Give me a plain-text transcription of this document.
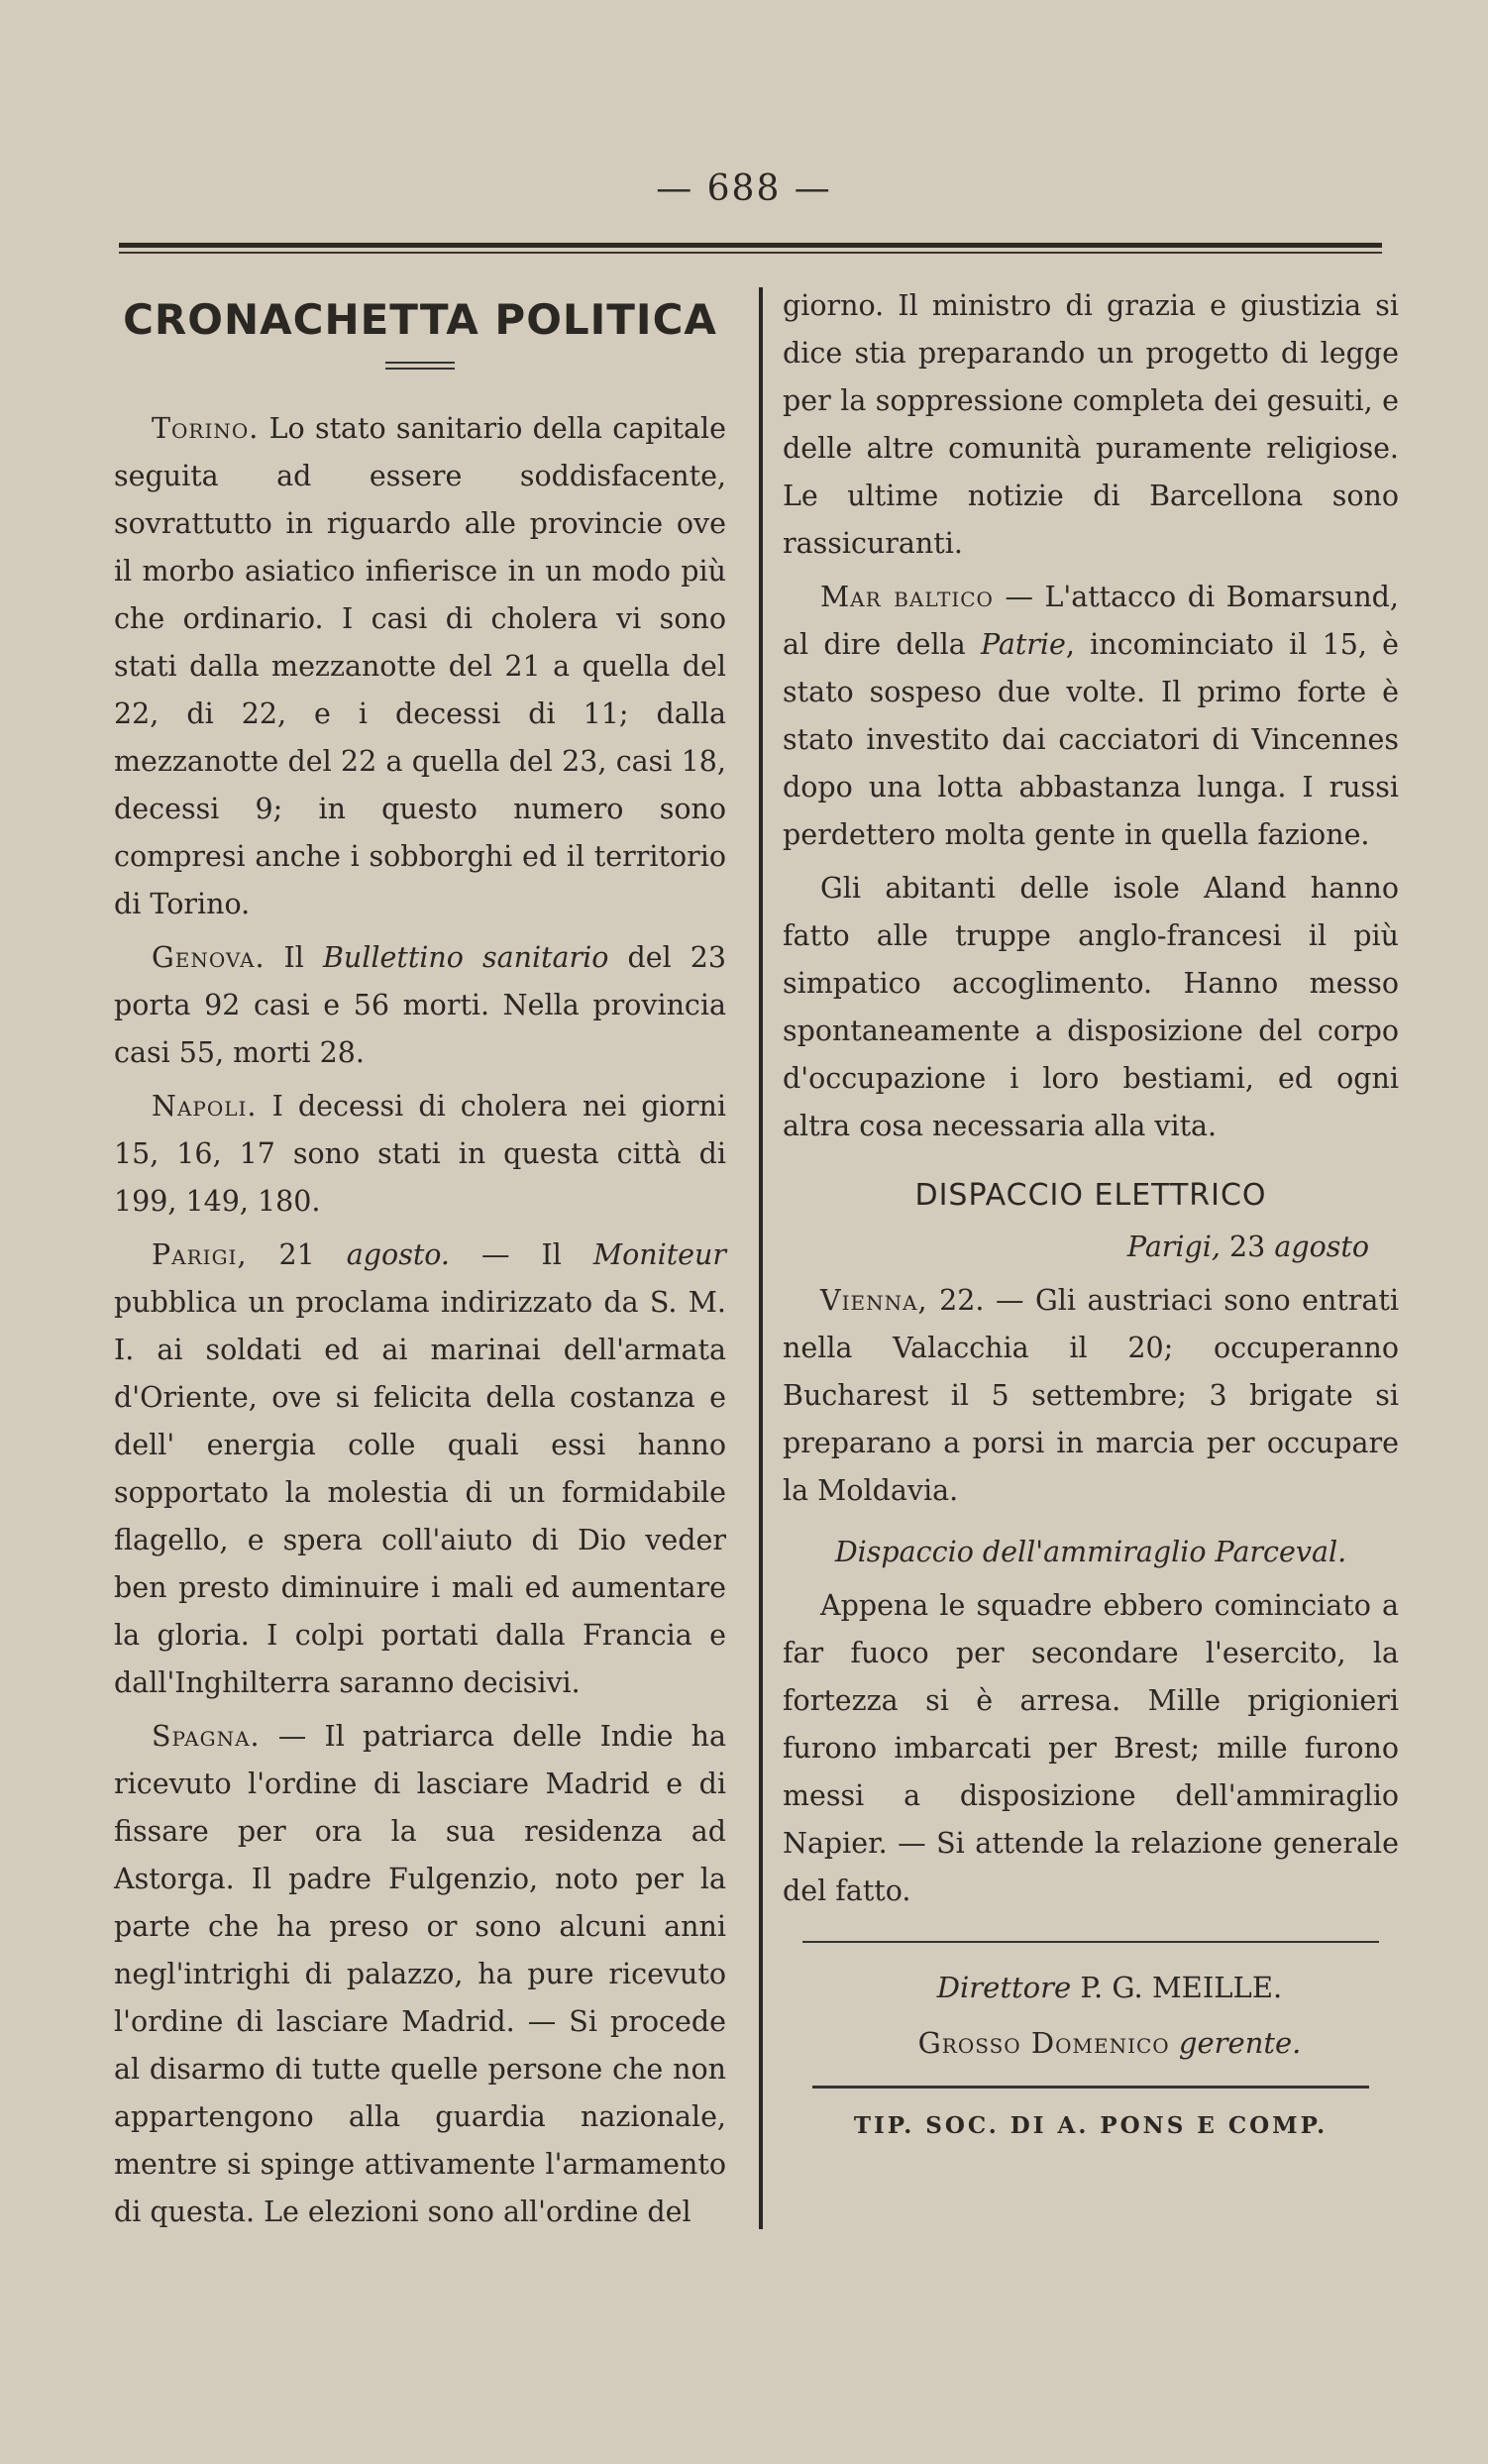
— 688 —
CRONACHETTA POLITICA

Torino. Lo stato sanitario della capitale seguita ad essere soddisfacente, sovrattutto in riguardo alle provincie ove il morbo asiatico infierisce in un modo più che ordinario. I casi di cholera vi sono stati dalla mezzanotte del 21 a quella del 22, di 22, e i decessi di 11; dalla mezzanotte del 22 a quella del 23, casi 18, decessi 9; in questo numero sono compresi anche i sobborghi ed il territorio di Torino.

Genova. Il Bullettino sanitario del 23 porta 92 casi e 56 morti. Nella provincia casi 55, morti 28.

Napoli. I decessi di cholera nei giorni 15, 16, 17 sono stati in questa città di 199, 149, 180.

Parigi, 21 agosto. — Il Moniteur pubblica un proclama indirizzato da S. M. I. ai soldati ed ai marinai dell'armata d'Oriente, ove si felicita della costanza e dell' energia colle quali essi hanno sopportato la molestia di un formidabile flagello, e spera coll'aiuto di Dio veder ben presto diminuire i mali ed aumentare la gloria. I colpi portati dalla Francia e dall'Inghilterra saranno decisivi.

Spagna. — Il patriarca delle Indie ha ricevuto l'ordine di lasciare Madrid e di fissare per ora la sua residenza ad Astorga. Il padre Fulgenzio, noto per la parte che ha preso or sono alcuni anni negl'intrighi di palazzo, ha pure ricevuto l'ordine di lasciare Madrid. — Si procede al disarmo di tutte quelle persone che non appartengono alla guardia nazionale, mentre si spinge attivamente l'armamento di questa. Le elezioni sono all'ordine del

giorno. Il ministro di grazia e giustizia si dice stia preparando un progetto di legge per la soppressione completa dei gesuiti, e delle altre comunità puramente religiose. Le ultime notizie di Barcellona sono rassicuranti.

Mar baltico — L'attacco di Bomarsund, al dire della Patrie, incominciato il 15, è stato sospeso due volte. Il primo forte è stato investito dai cacciatori di Vincennes dopo una lotta abbastanza lunga. I russi perdettero molta gente in quella fazione.

Gli abitanti delle isole Aland hanno fatto alle truppe anglo-francesi il più simpatico accoglimento. Hanno messo spontaneamente a disposizione del corpo d'occupazione i loro bestiami, ed ogni altra cosa necessaria alla vita.

DISPACCIO ELETTRICO
Parigi, 23 agosto

Vienna, 22. — Gli austriaci sono entrati nella Valacchia il 20; occuperanno Bucharest il 5 settembre; 3 brigate si preparano a porsi in marcia per occupare la Moldavia.

Dispaccio dell'ammiraglio Parceval.

Appena le squadre ebbero cominciato a far fuoco per secondare l'esercito, la fortezza si è arresa. Mille prigionieri furono imbarcati per Brest; mille furono messi a disposizione dell'ammiraglio Napier. — Si attende la relazione generale del fatto.

Direttore P. G. MEILLE.

Grosso Domenico gerente.

TIP. SOC. DI A. PONS E COMP.
